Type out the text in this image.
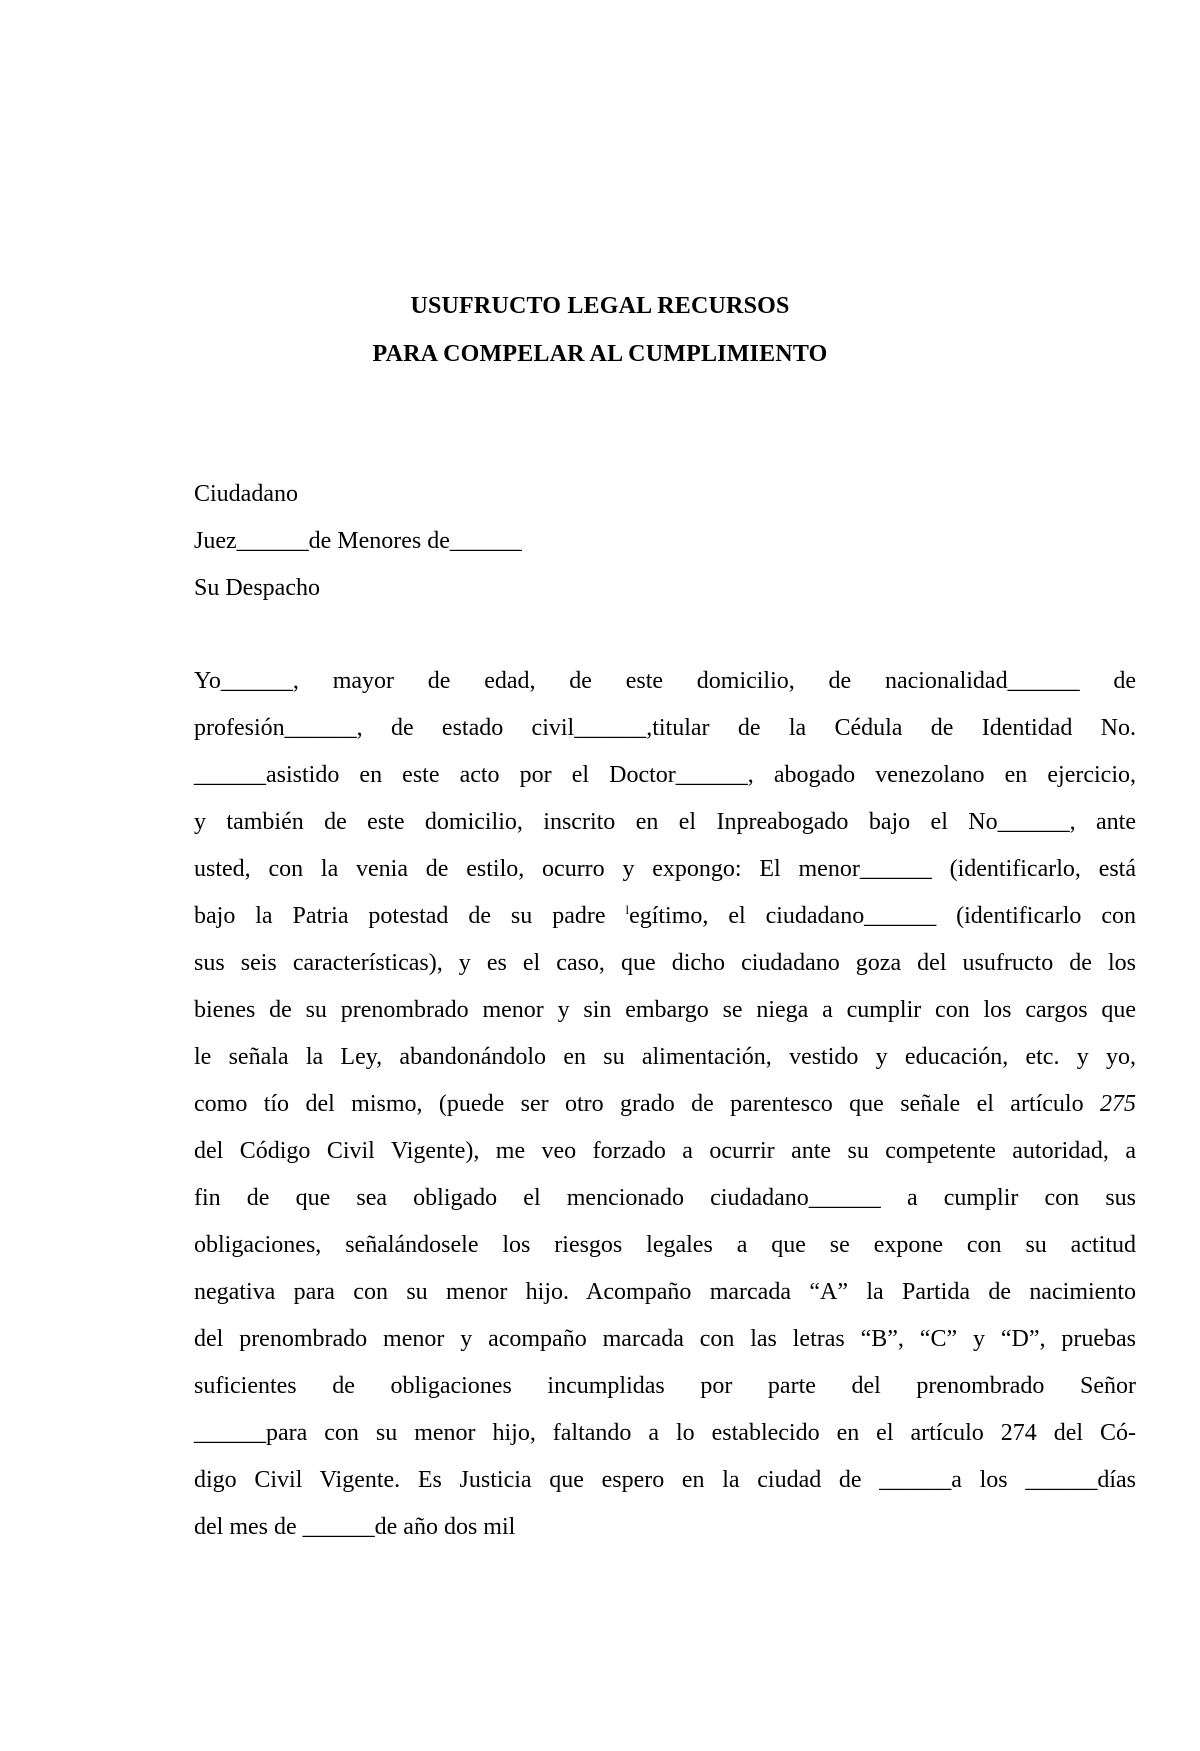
USUFRUCTO LEGAL RECURSOS
PARA COMPELAR AL CUMPLIMIENTO
Ciudadano
Juez______de Menores de______
Su Despacho
Yo______, mayor de edad, de este domicilio, de nacionalidad______ de
profesión______, de estado civil______,titular de la Cédula de Identidad No.
______asistido en este acto por el Doctor______, abogado venezolano en ejercicio,
y también de este domicilio, inscrito en el Inpreabogado bajo el No______, ante
usted, con la venia de estilo, ocurro y expongo: El menor______ (identificarlo, está
bajo la Patria potestad de su padre $^l$egítimo, el ciudadano______ (identificarlo con
sus seis características), y es el caso, que dicho ciudadano goza del usufructo de los
bienes de su prenombrado menor y sin embargo se niega a cumplir con los cargos que
le señala la Ley, abandonándolo en su alimentación, vestido y educación, etc. y yo,
como tío del mismo, (puede ser otro grado de parentesco que señale el artículo 275
del Código Civil Vigente), me veo forzado a ocurrir ante su competente autoridad, a
fin de que sea obligado el mencionado ciudadano______ a cumplir con sus
obligaciones, señalándosele los riesgos legales a que se expone con su actitud
negativa para con su menor hijo. Acompaño marcada “A” la Partida de nacimiento
del prenombrado menor y acompaño marcada con las letras “B”, “C” y “D”, pruebas
suficientes de obligaciones incumplidas por parte del prenombrado Señor
______para con su menor hijo, faltando a lo establecido en el artículo 274 del Có-
digo Civil Vigente. Es Justicia que espero en la ciudad de ______a los ______días
del mes de ______de año dos mil
